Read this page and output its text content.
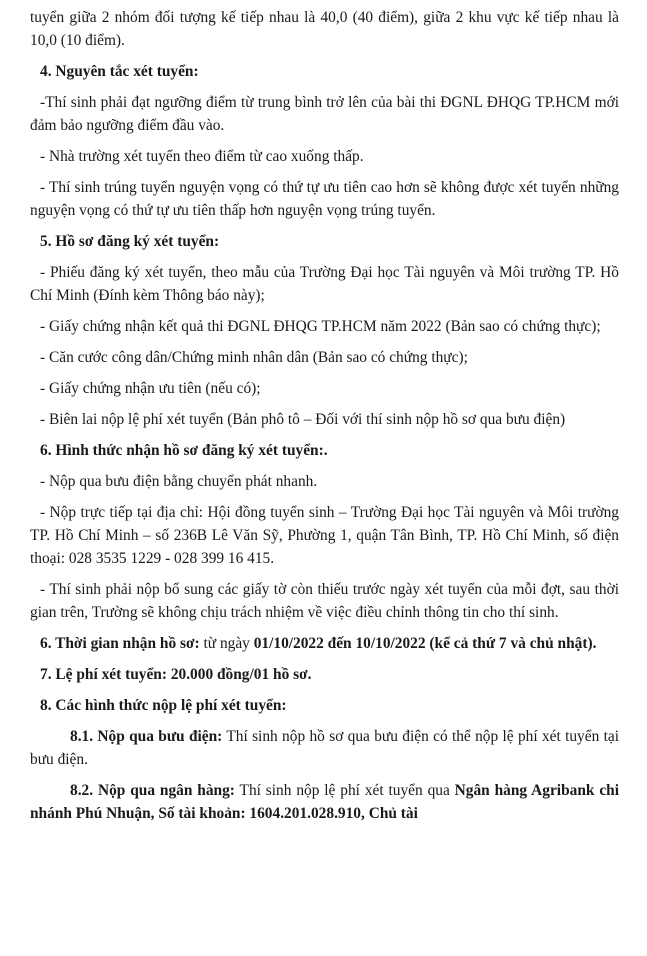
tuyển giữa 2 nhóm đối tượng kế tiếp nhau là 40,0 (40 điểm), giữa 2 khu vực kế tiếp nhau là 10,0 (10 điểm).

4. Nguyên tắc xét tuyển:

-Thí sinh phải đạt ngưỡng điểm từ trung bình trở lên của bài thi ĐGNL ĐHQG TP.HCM mới đảm bảo ngưỡng điểm đầu vào.

- Nhà trường xét tuyển theo điểm từ cao xuống thấp.

- Thí sinh trúng tuyển nguyện vọng có thứ tự ưu tiên cao hơn sẽ không được xét tuyển những nguyện vọng có thứ tự ưu tiên thấp hơn nguyện vọng trúng tuyển.

5. Hồ sơ đăng ký xét tuyển:

- Phiếu đăng ký xét tuyển, theo mẫu của Trường Đại học Tài nguyên và Môi trường TP. Hồ Chí Minh (Đính kèm Thông báo này);

- Giấy chứng nhận kết quả thi ĐGNL ĐHQG TP.HCM năm 2022 (Bản sao có chứng thực);

- Căn cước công dân/Chứng minh nhân dân (Bản sao có chứng thực);

- Giấy chứng nhận ưu tiên (nếu có);

- Biên lai nộp lệ phí xét tuyển (Bản phô tô – Đối với thí sinh nộp hồ sơ qua bưu điện)

6. Hình thức nhận hồ sơ đăng ký xét tuyển:.

- Nộp qua bưu điện bằng chuyển phát nhanh.

- Nộp trực tiếp tại địa chỉ: Hội đồng tuyển sinh – Trường Đại học Tài nguyên và Môi trường TP. Hồ Chí Minh – số 236B Lê Văn Sỹ, Phường 1, quận Tân Bình, TP. Hồ Chí Minh, số điện thoại: 028 3535 1229 - 028 399 16 415.

- Thí sinh phải nộp bổ sung các giấy tờ còn thiếu trước ngày xét tuyển của mỗi đợt, sau thời gian trên, Trường sẽ không chịu trách nhiệm về việc điều chỉnh thông tin cho thí sinh.

6. Thời gian nhận hồ sơ: từ ngày 01/10/2022 đến 10/10/2022 (kể cả thứ 7 và chủ nhật).

7. Lệ phí xét tuyển: 20.000 đồng/01 hồ sơ.

8. Các hình thức nộp lệ phí xét tuyển:

8.1. Nộp qua bưu điện: Thí sinh nộp hồ sơ qua bưu điện có thể nộp lệ phí xét tuyển tại bưu điện.

8.2. Nộp qua ngân hàng: Thí sinh nộp lệ phí xét tuyển qua Ngân hàng Agribank chi nhánh Phú Nhuận, Số tài khoản: 1604.201.028.910, Chủ tài
